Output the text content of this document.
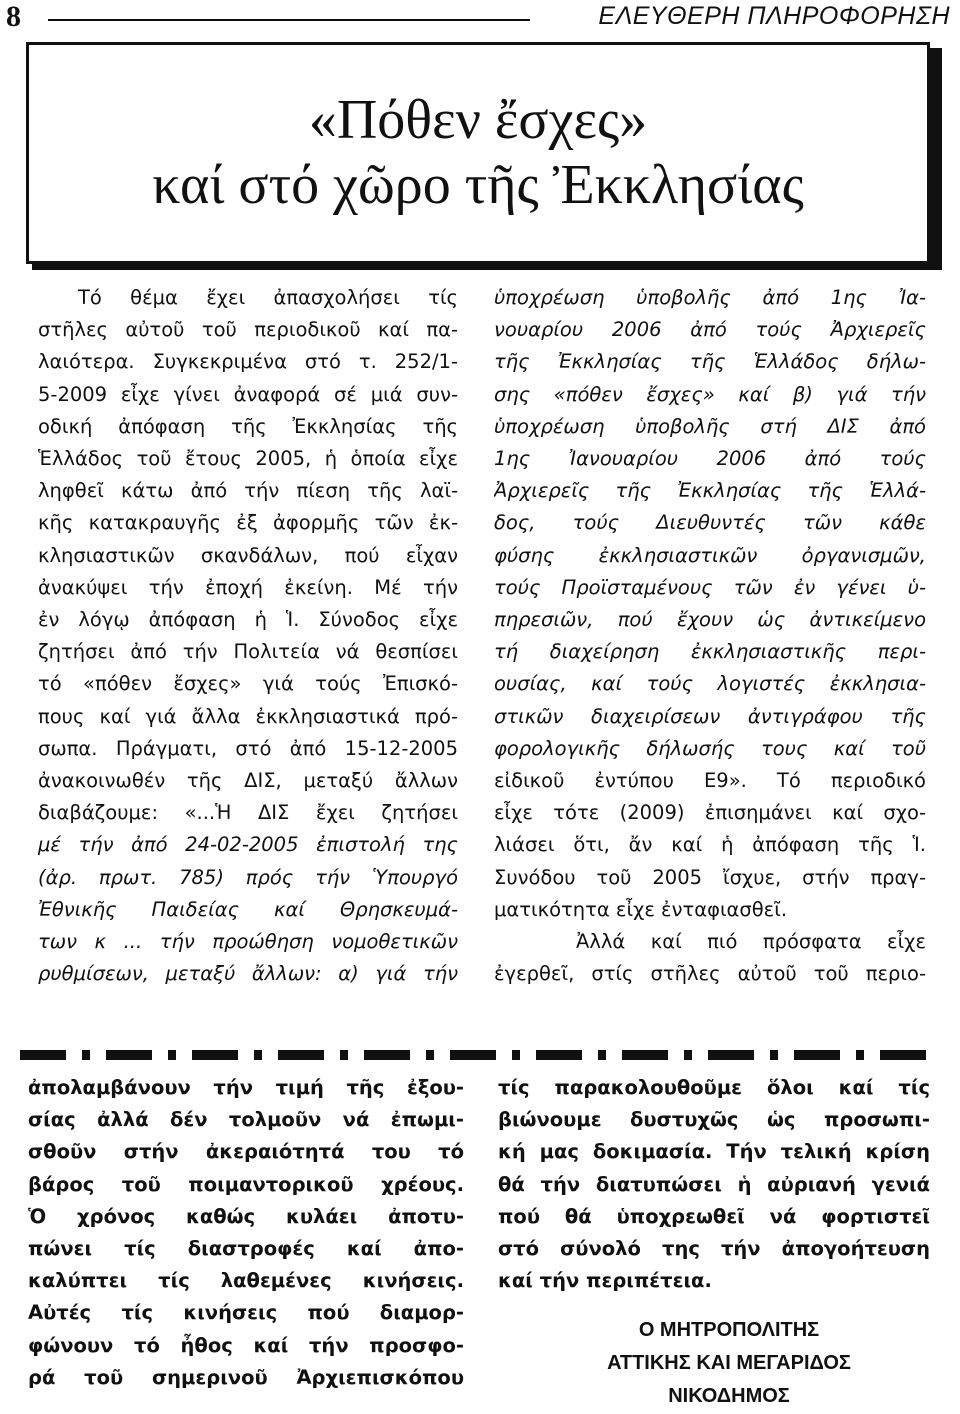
8	ΕΛΕΥΘΕΡΗ ΠΛΗΡΟΦΟΡΗΣΗ
«Πόθεν ἔσχες»
καί στό χῶρο τῆς Ἐκκλησίας
Τό θέμα ἔχει ἀπασχολήσει τίς
στῆλες αὐτοῦ τοῦ περιοδικοῦ καί πα-
λαιότερα. Συγκεκριμένα στό τ. 252/1-
5-2009 εἶχε γίνει ἀναφορά σέ μιά συν-
οδική ἀπόφαση τῆς Ἐκκλησίας τῆς
Ἑλλάδος τοῦ ἔτους 2005, ἡ ὁποία εἶχε
ληφθεῖ κάτω ἀπό τήν πίεση τῆς λαϊ-
κῆς κατακραυγῆς ἐξ ἀφορμῆς τῶν ἐκ-
κλησιαστικῶν σκανδάλων, πού εἶχαν
ἀνακύψει τήν ἐποχή ἐκείνη. Μέ τήν
ἐν λόγῳ ἀπόφαση ἡ Ἱ. Σύνοδος εἶχε
ζητήσει ἀπό τήν Πολιτεία νά θεσπίσει
τό «πόθεν ἔσχες» γιά τούς Ἐπισκό-
πους καί γιά ἄλλα ἐκκλησιαστικά πρό-
σωπα. Πράγματι, στό ἀπό 15-12-2005
ἀνακοινωθέν τῆς ΔΙΣ, μεταξύ ἄλλων
διαβάζουμε: «...Ἡ ΔΙΣ ἔχει ζητήσει
μέ τήν ἀπό 24-02-2005 ἐπιστολή της
(ἀρ. πρωτ. 785) πρός τήν Ὑπουργό
Ἐθνικῆς Παιδείας καί Θρησκευμά-
των κ ... τήν προώθηση νομοθετικῶν
ρυθμίσεων, μεταξύ ἄλλων: α) γιά τήν
ὑποχρέωση ὑποβολῆς ἀπό 1ης Ἰα-
νουαρίου 2006 ἀπό τούς Ἀρχιερεῖς
τῆς Ἐκκλησίας τῆς Ἑλλάδος δήλω-
σης «πόθεν ἔσχες» καί β) γιά τήν
ὑποχρέωση ὑποβολῆς στή ΔΙΣ ἀπό
1ης Ἰανουαρίου 2006 ἀπό τούς
Ἀρχιερεῖς τῆς Ἐκκλησίας τῆς Ἑλλά-
δος, τούς Διευθυντές τῶν κάθε
φύσης ἐκκλησιαστικῶν ὀργανισμῶν,
τούς Προϊσταμένους τῶν ἐν γένει ὑ-
πηρεσιῶν, πού ἔχουν ὡς ἀντικείμενο
τή διαχείρηση ἐκκλησιαστικῆς περι-
ουσίας, καί τούς λογιστές ἐκκλησια-
στικῶν διαχειρίσεων ἀντιγράφου τῆς
φορολογικῆς δήλωσής τους καί τοῦ
εἰδικοῦ ἐντύπου Ε9». Τό περιοδικό
εἶχε τότε (2009) ἐπισημάνει καί σχο-
λιάσει ὅτι, ἄν καί ἡ ἀπόφαση τῆς Ἱ.
Συνόδου τοῦ 2005 ἴσχυε, στήν πραγ-
ματικότητα εἶχε ἐνταφιασθεῖ.
Ἀλλά καί πιό πρόσφατα εἶχε
ἐγερθεῖ, στίς στῆλες αὐτοῦ τοῦ περιο-
ἀπολαμβάνουν τήν τιμή τῆς ἐξου-
σίας ἀλλά δέν τολμοῦν νά ἐπωμι-
σθοῦν στήν ἀκεραιότητά του τό
βάρος τοῦ ποιμαντορικοῦ χρέους.
Ὁ χρόνος καθώς κυλάει ἀποτυ-
πώνει τίς διαστροφές καί ἀπο-
καλύπτει τίς λαθεμένες κινήσεις.
Αὐτές τίς κινήσεις πού διαμορ-
φώνουν τό ἦθος καί τήν προσφο-
ρά τοῦ σημερινοῦ Ἀρχιεπισκόπου
τίς παρακολουθοῦμε ὅλοι καί τίς
βιώνουμε δυστυχῶς ὡς προσωπι-
κή μας δοκιμασία. Τήν τελική κρίση
θά τήν διατυπώσει ἡ αὐριανή γενιά
πού θά ὑποχρεωθεῖ νά φορτιστεῖ
στό σύνολό της τήν ἀπογοήτευση
καί τήν περιπέτεια.
Ο ΜΗΤΡΟΠΟΛΙΤΗΣ
ΑΤΤΙΚΗΣ ΚΑΙ ΜΕΓΑΡΙΔΟΣ
ΝΙΚΟΔΗΜΟΣ
